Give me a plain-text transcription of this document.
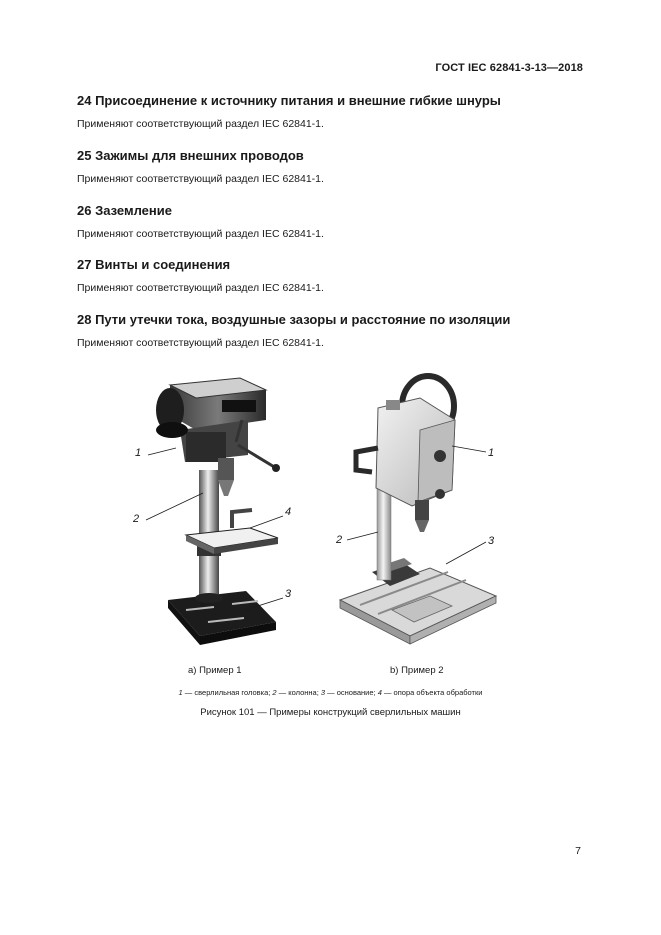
ГОСТ IEC 62841-3-13—2018
24 Присоединение к источнику питания и внешние гибкие шнуры

Применяют соответствующий раздел IEC 62841-1.

25 Зажимы для внешних проводов

Применяют соответствующий раздел IEC 62841-1.

26 Заземление

Применяют соответствующий раздел IEC 62841-1.

27 Винты и соединения

Применяют соответствующий раздел IEC 62841-1.

28 Пути утечки тока, воздушные зазоры и расстояние по изоляции

Применяют соответствующий раздел IEC 62841-1.

1
2
4
3
1
2	3
a) Пример 1	b) Пример 2
1 — сверлильная головка; 2 — колонна; 3 — основание; 4 — опора объекта обработки
Рисунок 101 — Примеры конструкций сверлильных машин
7
